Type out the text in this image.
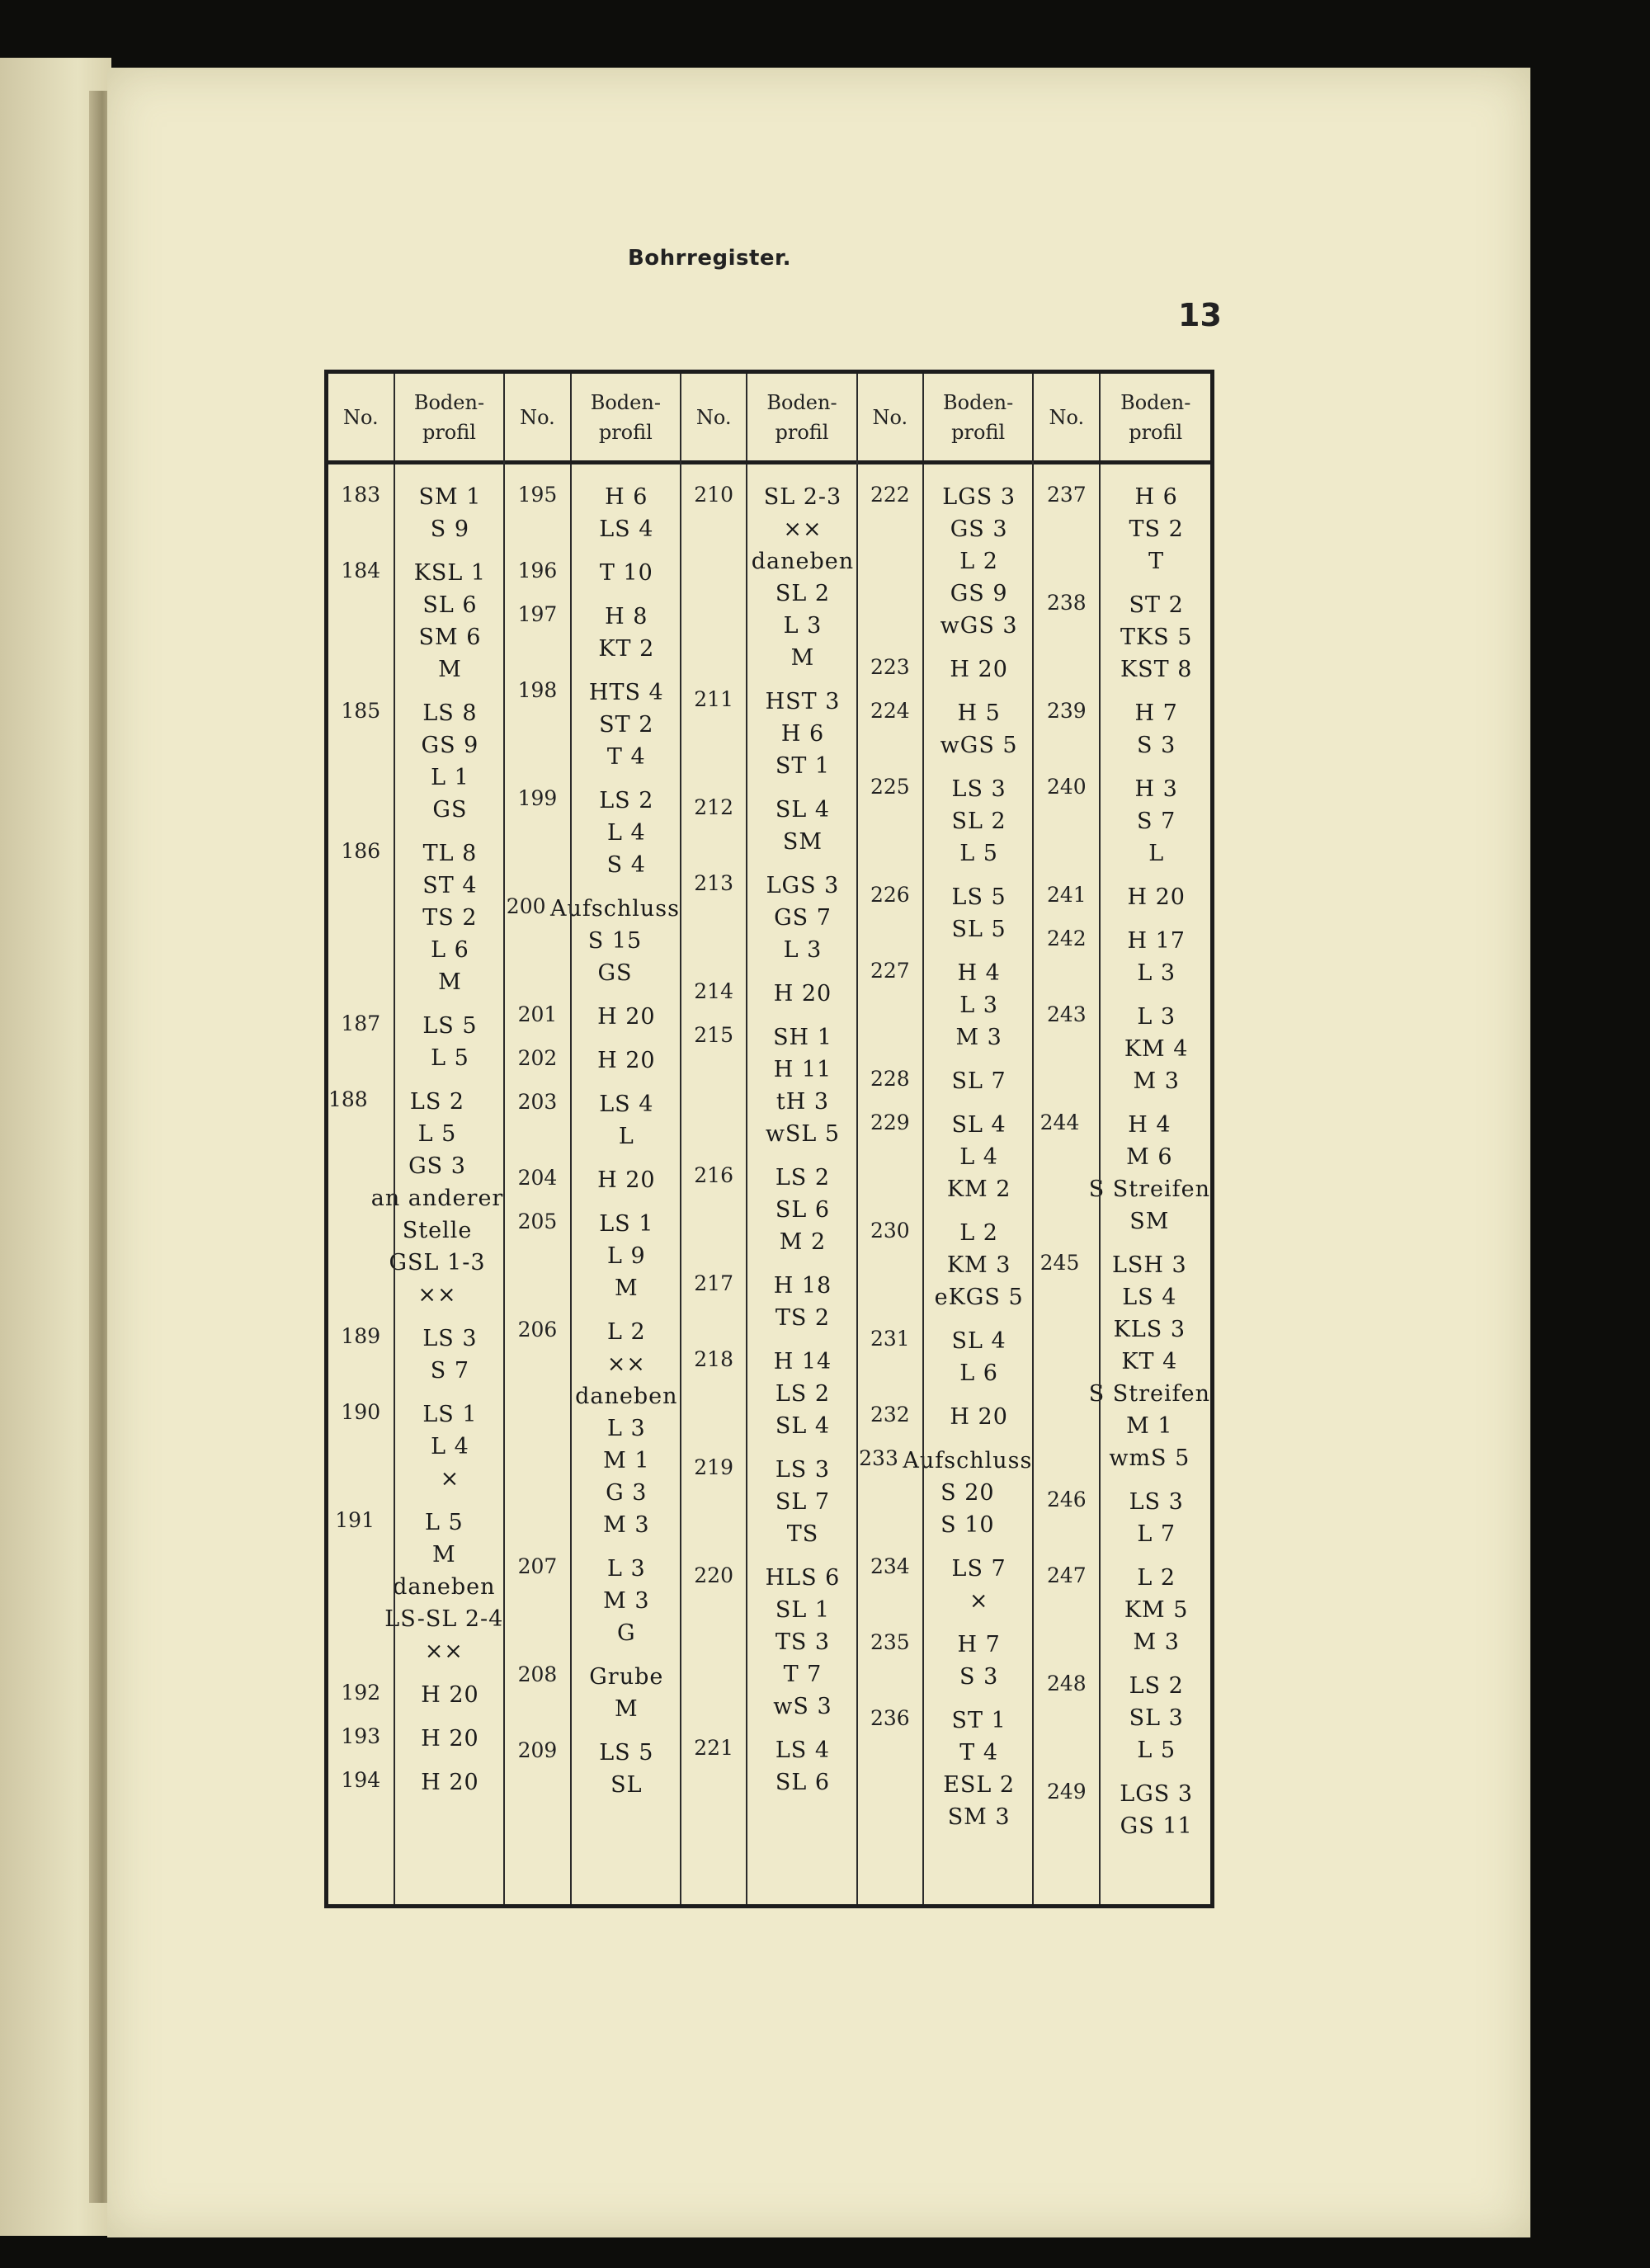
Bohrregister.
13
No.
Boden-
profil
183	SM 1
S 9
184	KSL 1
SL 6
SM 6
M
185	LS 8
GS 9
L 1
GS
186	TL 8
ST 4
TS 2
L 6
M
187	LS 5
L 5
188	LS 2
L 5
GS 3
an anderer
Stelle
GSL 1-3
××
189	LS 3
S 7
190	LS 1
L 4
×
191	L 5
M
daneben
LS-SL 2-4
××
192	H 20
193	H 20
194	H 20
No.
Boden-
profil
195	H 6
LS 4
196	T 10
197	H 8
KT 2
198	HTS 4
ST 2
T 4
199	LS 2
L 4
S 4
200 Aufschluss
S 15
GS
201	H 20
202	H 20
203	LS 4
L
204	H 20
205	LS 1
L 9
M
206	L 2
××
daneben
L 3
M 1
G 3
M 3
207	L 3
M 3
G
208	Grube
M
209	LS 5
SL
No.
Boden-
profil
210	SL 2-3
××
daneben
SL 2
L 3
M
211	HST 3
H 6
ST 1
212	SL 4
SM
213	LGS 3
GS 7
L 3
214	H 20
215	SH 1
H 11
tH 3
wSL 5
216	LS 2
SL 6
M 2
217	H 18
TS 2
218	H 14
LS 2
SL 4
219	LS 3
SL 7
TS
220	HLS 6
SL 1
TS 3
T 7
wS 3
221	LS 4
SL 6
No.
Boden-
profil
222	LGS 3
GS 3
L 2
GS 9
wGS 3
223	H 20
224	H 5
wGS 5
225	LS 3
SL 2
L 5
226	LS 5
SL 5
227	H 4
L 3
M 3
228	SL 7
229	SL 4
L 4
KM 2
230	L 2
KM 3
eKGS 5
231	SL 4
L 6
232	H 20
233 Aufschluss
S 20
S 10
234	LS 7
×
235	H 7
S 3
236	ST 1
T 4
ESL 2
SM 3
No.
Boden-
profil
237	H 6
TS 2
T
238	ST 2
TKS 5
KST 8
239	H 7
S 3
240	H 3
S 7
L
241	H 20
242	H 17
L 3
243	L 3
KM 4
M 3
244	H 4
M 6
S Streifen
SM
245	LSH 3
LS 4
KLS 3
KT 4
S Streifen
M 1
wmS 5
246	LS 3
L 7
247	L 2
KM 5
M 3
248	LS 2
SL 3
L 5
249	LGS 3
GS 11
